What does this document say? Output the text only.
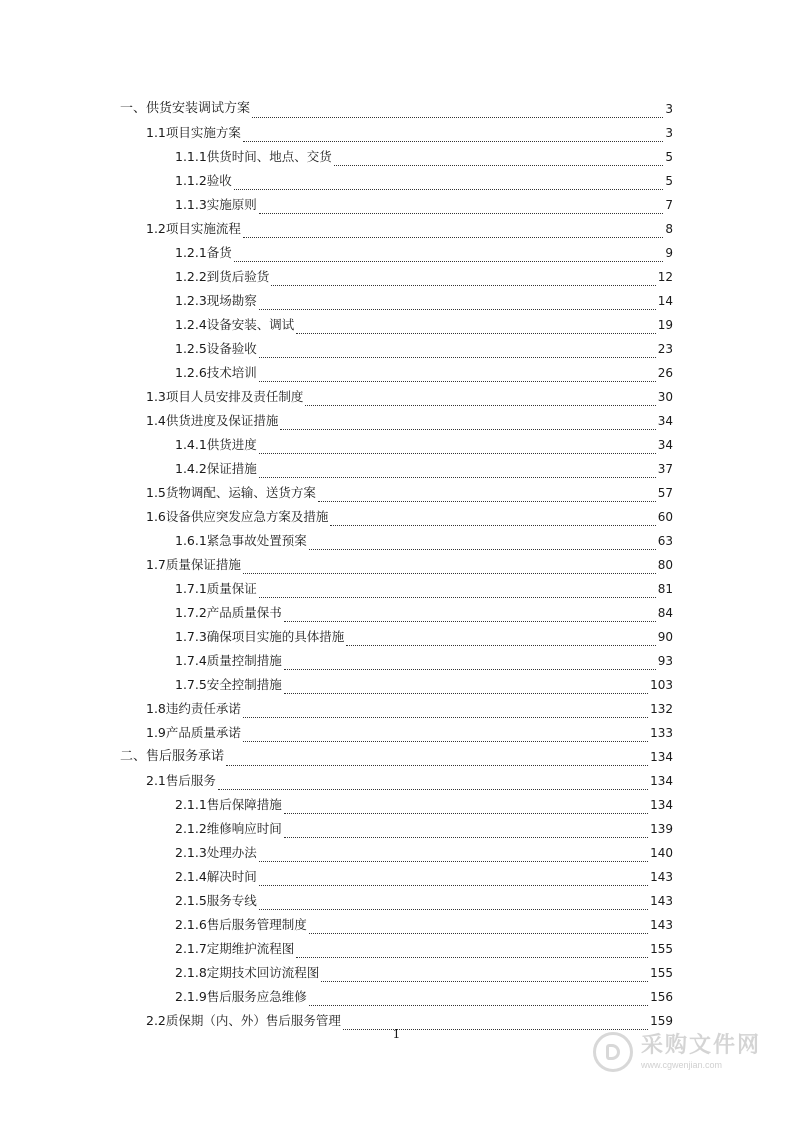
一、供货安装调试方案	3
1.1项目实施方案	3
1.1.1供货时间、地点、交货	5
1.1.2验收	5
1.1.3实施原则	7
1.2项目实施流程	8
1.2.1备货	9
1.2.2到货后验货	12
1.2.3现场勘察	14
1.2.4设备安装、调试	19
1.2.5设备验收	23
1.2.6技术培训	26
1.3项目人员安排及责任制度	30
1.4供货进度及保证措施	34
1.4.1供货进度	34
1.4.2保证措施	37
1.5货物调配、运输、送货方案	57
1.6设备供应突发应急方案及措施	60
1.6.1紧急事故处置预案	63
1.7质量保证措施	80
1.7.1质量保证	81
1.7.2产品质量保书	84
1.7.3确保项目实施的具体措施	90
1.7.4质量控制措施	93
1.7.5安全控制措施	103
1.8违约责任承诺	132
1.9产品质量承诺	133
二、售后服务承诺	134
2.1售后服务	134
2.1.1售后保障措施	134
2.1.2维修响应时间	139
2.1.3处理办法	140
2.1.4解决时间	143
2.1.5服务专线	143
2.1.6售后服务管理制度	143
2.1.7定期维护流程图	155
2.1.8定期技术回访流程图	155
2.1.9售后服务应急维修	156
2.2质保期（内、外）售后服务管理	159
1	采购文件网
www.cgwenjian.com
